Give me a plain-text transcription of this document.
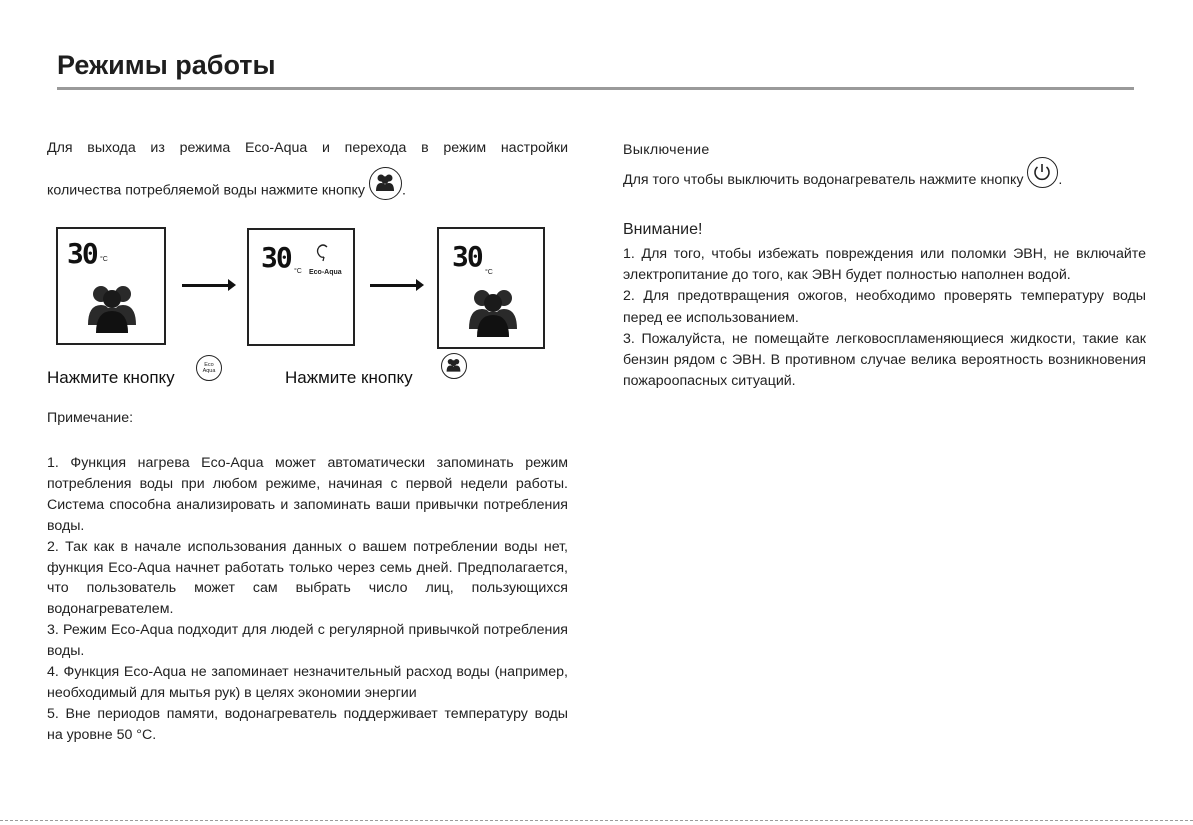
Режимы работы
Для выхода из режима Eco-Aqua и перехода в режим настройки
количества потребляемой воды нажмите кнопку	.
30 °C	30 °C Eco-Aqua	30 °C
Нажмите кнопку
Eco Aqua	Нажмите кнопку
Примечание:

1. Функция нагрева Eco-Aqua может автоматически запоминать режим потребления воды при любом режиме, начиная с первой недели работы. Система способна анализировать и запоминать ваши привычки потребления воды.

2. Так как в начале использования данных о вашем потреблении воды нет, функция Eco-Aqua начнет работать только через семь дней. Предполагается, что пользователь может сам выбрать число лиц, пользующихся водонагревателем.

3. Режим Eco-Aqua подходит для людей с регулярной привычкой потребления воды.

4. Функция Eco-Aqua не запоминает незначительный расход воды (например, необходимый для мытья рук) в целях экономии энергии

5. Вне периодов памяти, водонагреватель поддерживает температуру воды на уровне 50 °C.

Выключение
Для того чтобы выключить водонагреватель нажмите кнопку .
Внимание!

1. Для того, чтобы избежать повреждения или поломки ЭВН, не включайте электропитание до того, как ЭВН будет полностью наполнен водой.

2. Для предотвращения ожогов, необходимо проверять температуру воды перед ее использованием.

3. Пожалуйста, не помещайте легковоспламеняющиеся жидкости, такие как бензин рядом с ЭВН. В противном случае велика вероятность возникновения пожароопасных ситуаций.
